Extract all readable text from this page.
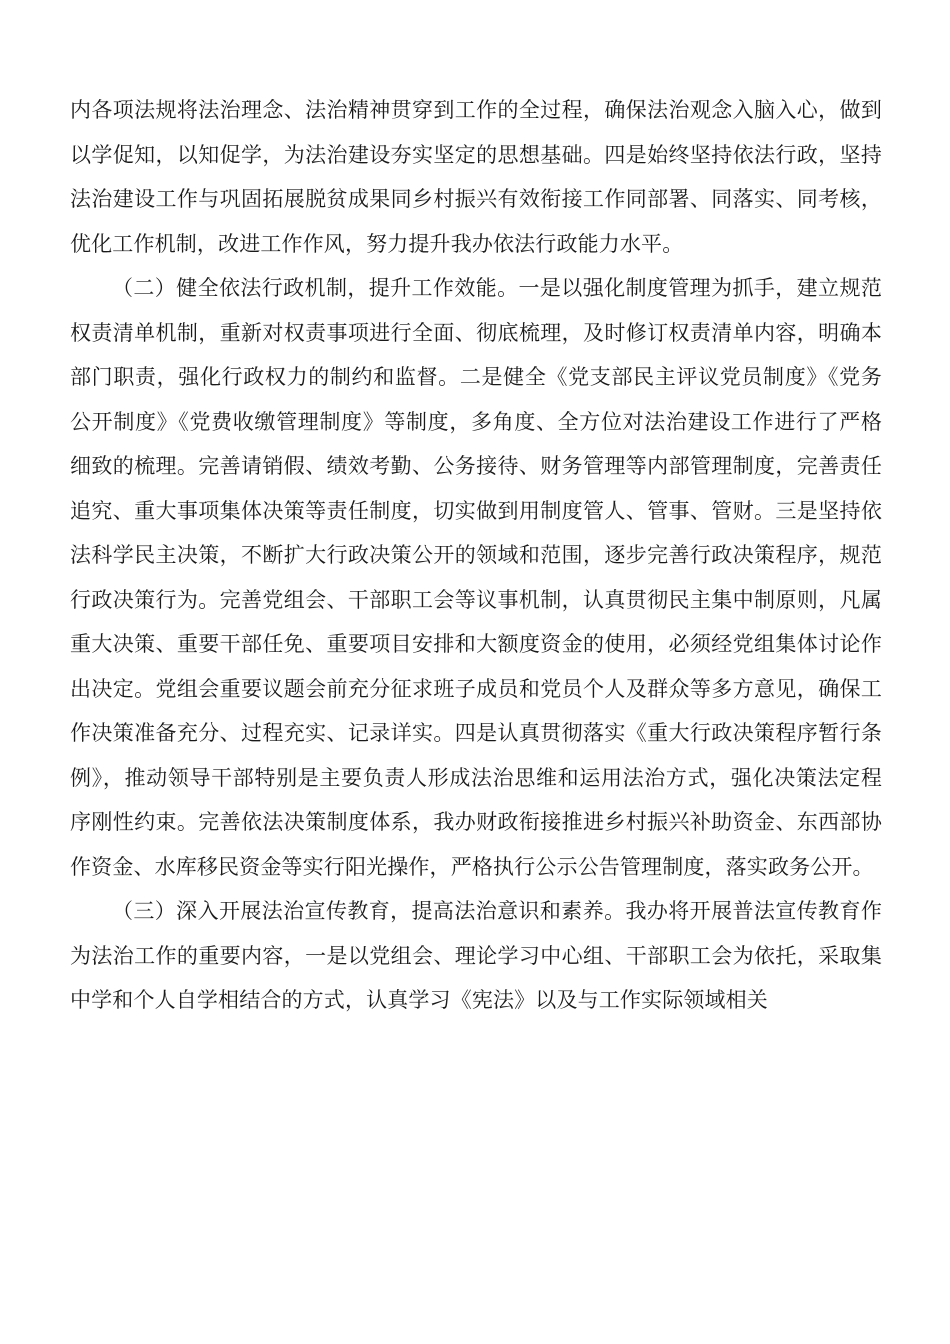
内各项法规将法治理念、法治精神贯穿到工作的全过程，确保法治观念入脑入心，做到以学促知，以知促学，为法治建设夯实坚定的思想基础。四是始终坚持依法行政，坚持法治建设工作与巩固拓展脱贫成果同乡村振兴有效衔接工作同部署、同落实、同考核，优化工作机制，改进工作作风，努力提升我办依法行政能力水平。

（二）健全依法行政机制，提升工作效能。一是以强化制度管理为抓手，建立规范权责清单机制，重新对权责事项进行全面、彻底梳理，及时修订权责清单内容，明确本部门职责，强化行政权力的制约和监督。二是健全《党支部民主评议党员制度》《党务公开制度》《党费收缴管理制度》等制度，多角度、全方位对法治建设工作进行了严格细致的梳理。完善请销假、绩效考勤、公务接待、财务管理等内部管理制度，完善责任追究、重大事项集体决策等责任制度，切实做到用制度管人、管事、管财。三是坚持依法科学民主决策，不断扩大行政决策公开的领域和范围，逐步完善行政决策程序，规范行政决策行为。完善党组会、干部职工会等议事机制，认真贯彻民主集中制原则，凡属重大决策、重要干部任免、重要项目安排和大额度资金的使用，必须经党组集体讨论作出决定。党组会重要议题会前充分征求班子成员和党员个人及群众等多方意见，确保工作决策准备充分、过程充实、记录详实。四是认真贯彻落实《重大行政决策程序暂行条例》，推动领导干部特别是主要负责人形成法治思维和运用法治方式，强化决策法定程序刚性约束。完善依法决策制度体系，我办财政衔接推进乡村振兴补助资金、东西部协作资金、水库移民资金等实行阳光操作，严格执行公示公告管理制度，落实政务公开。

（三）深入开展法治宣传教育，提高法治意识和素养。我办将开展普法宣传教育作为法治工作的重要内容，一是以党组会、理论学习中心组、干部职工会为依托，采取集中学和个人自学相结合的方式，认真学习《宪法》以及与工作实际领域相关
